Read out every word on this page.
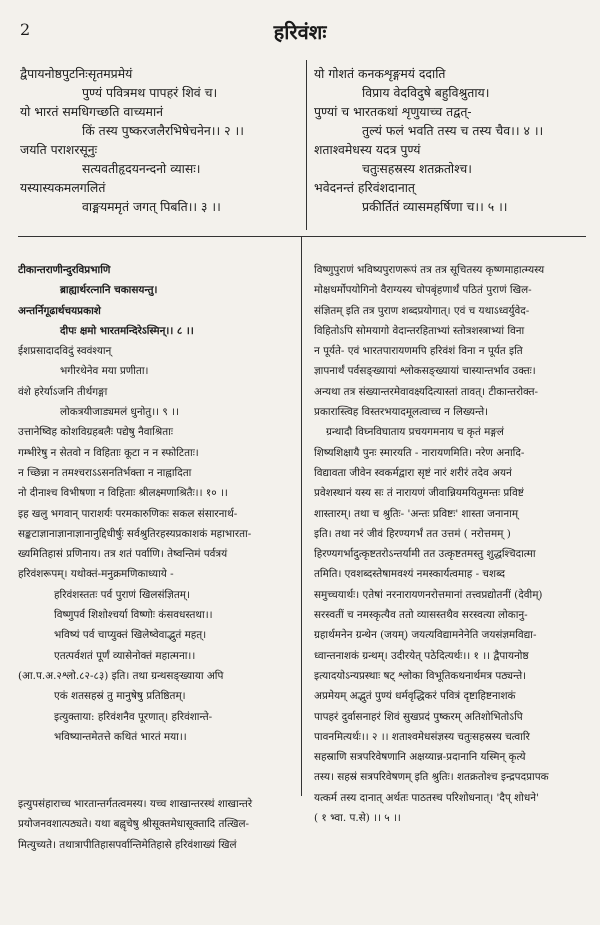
2	हरिवंशः
द्वैपायनोष्ठपुटनिःसृतमप्रमेयं
पुण्यं पवित्रमथ पापहरं शिवं च।
यो भारतं समधिगच्छति वाच्यमानं
किं तस्य पुष्करजलैरभिषेचनेन।। २ ।।
जयति पराशरसूनुः
सत्यवतीहृदयनन्दनो व्यासः।
यस्यास्यकमलगलितं
वाङ्मयममृतं जगत् पिबति।। ३ ।।
यो गोशतं कनकशृङ्गमयं ददाति
विप्राय वेदविदुषे बहुविश्रुताय।
पुण्यां च भारतकथां शृणुयाच्च तद्वत्-
तुल्यं फलं भवति तस्य च तस्य चैव।। ४ ।।
शताश्वमेधस्य यदत्र पुण्यं
चतुःसहस्रस्य शतक्रतोश्च।
भवेदनन्तं हरिवंशदानात्
प्रकीर्तितं व्यासमहर्षिणा च।। ५ ।।
टीकान्तराणीन्दुरविप्रभाणि
ब्राह्यार्थरत्नानि चकासयन्तु।
अन्तर्निगूढार्थचयप्रकाशे
दीपः क्षमो भारतमन्दिरेऽस्मिन्।। ८ ।।
ईशप्रसादादविदुं स्ववंश्यान्
भगीरथेनेव मया प्रणीता।
वंशे हरेर्याऽजनि तीर्थगङ्गा
लोकत्रयीजाड्यमलं धुनोतु।। ९ ।।
उत्तानेष्विह कोशविग्रहबलैः पद्येषु नैवाश्रिताः
गम्भीरेषु न सेतवो न विहिताः कूटा न न स्फोटिताः।
न च्छिन्ना न तमश्चराऽऽसनतिर्भक्ता न नाह्वादिता
नो दीनाश्च विभीषणा न विहिताः श्रीलक्ष्मणाश्रितैः।। १० ।।
इह खलु भगवान् पाराशर्यः परमकारुणिकः सकल संसारनार्थ-
सङ्कटाज्ञानाज्ञानाज्ञानानुद्दिधीर्षुः सर्वश्रुतिरहस्यप्रकाशकं महाभारता-
ख्यमितिहासं प्रणिनाय। तत्र शतं पर्वाणि। तेष्वन्तिमं पर्वत्रयं
हरिवंशरूपम्। यथोक्तं-मनुक्रमणिकाध्याये -
हरिवंशस्ततः पर्व पुराणं खिलसंज्ञितम्।
विष्णुपर्व शिशोश्चर्या विष्णोः कंसवधस्तथा।।
भविष्यं पर्व चाप्युक्तं खिलेष्वेवाद्भुतं महत्।
एतत्पर्वशतं पूर्णं व्यासेनोक्तं महात्मना।।
(आ.प.अ.२श्लो.८२-८३) इति। तथा ग्रन्थसङ्ख्याया अपि
एकं शतसहस्रं तु मानुषेषु प्रतिष्ठितम्।
इत्युक्ताया: हरिवंशनैव पूरणात्। हरिवंशान्ते-
भविष्यान्तमेतत्ते कथितं भारतं मया।।
इत्युपसंहाराच्च भारतान्तर्गतत्वमस्य। यच्च शाखान्तरस्थं शाखान्तरे
प्रयोजनवशात्पठ्यते। यथा बह्वृचेषु श्रीसूक्तमेधासूक्तादि तत्खिल-
मित्युच्यते। तथात्रापीतिहासपर्वान्तिमेतिहासे हरिवंशाख्यं खिलं
विष्णुपुराणं भविष्यपुराणरूपं तत्र तत्र सूचितस्य कृष्णमाहात्म्यस्य
मोक्षधर्मोपयोगिनो वैराग्यस्य चोपबृंहणार्थं पठितं पुराणं खिल-
संज्ञितम् इति तत्र पुराण शब्दप्रयोगात्। एवं च यथाऽध्वर्युवेद-
विहितोऽपि सोमयागो वेदान्तरहिताभ्यां स्तोत्रशस्त्राभ्यां विना
न पूर्यते- एवं भारतपारायणमपि हरिवंशं विना न पूर्यत इति
ज्ञापनार्थं पर्वसङ्ख्यायां श्लोकसङ्ख्यायां चास्यान्तर्भाव उक्तः।
अन्यथा तत्र संख्यान्तरमेवावक्ष्यदित्यास्तां तावत्। टीकान्तरोक्त-
प्रकारास्त्विह विस्तरभयादमूलत्वाच्च न लिख्यन्ते।
ग्रन्थादौ विघ्नविघाताय प्रचयगमनाय च कृतं मङ्गलं
शिष्यशिक्षायै पुनः स्मारयति - नारायणमिति। नरेण अनादि-
विद्यावता जीवेन स्वकर्मद्वारा सृष्टं नारं शरीरं तदेव अयनं
प्रवेशस्थानं यस्य सः तं नारायणं जीवान्नियमयितुमन्तः प्रविष्टं
शास्तारम्। तथा च श्रुतिः- 'अन्तः प्रविष्टः' शास्ता जनानाम्
इति। तथा नरं जीवं हिरण्यगर्भं तत उत्तमं ( नरोत्तमम् )
हिरण्यगर्भादुत्कृष्टतरोऽन्तर्यामी तत उत्कृष्टतमस्तु शुद्धश्चिदात्मा
तमिति। एवशब्दस्तेषामवश्यं नमस्कार्यत्वमाह - चशब्द
समुच्चयार्थः। एतेषां नरनारायणनरोत्तमानां तत्त्वप्रद्योतनीं (देवीम्)
सरस्वतीं च नमस्कृत्यैव ततो व्यासस्तथैव सरस्वत्या लोकानु-
ग्रहार्थमनेन ग्रन्थेन (जयम्) जयत्यविद्यामनेनेति जयसंज्ञमविद्या-
ध्वान्तनाशकं ग्रन्थम्। उदीरयेत् पठेदित्यर्थः।। १ ।। द्वैपायनोष्ठ
इत्यादयोऽन्यप्रस्थाः षट् श्लोका विभूतिकथनार्थमत्र पठ्यन्ते।
अप्रमेयम् अद्भुतं पुण्यं धर्मवृद्धिकरं पवित्रं दृष्टाहिष्टनाशकं
पापहरं दुर्वासनाहरं शिवं सुखप्रदं पुष्करम् अतिशोभितोऽपि
पावनमित्यर्थः।। २ ।। शताश्वमेधसंज्ञस्य चतुःसहस्रस्य चत्वारि
सहस्राणि सत्रपरिवेषणानि अक्षय्यान्न-प्रदानानि यस्मिन् कृत्ये
तस्य। सहस्रं सत्रपरिवेषणम् इति श्रुतिः। शतक्रतोश्च इन्द्रपदप्रापक
यत्कर्म तस्य दानात् अर्थतः पाठतस्च परिशोधनात्। 'दैप् शोधने'
( १ भ्वा. प.से) ।। ५ ।।
